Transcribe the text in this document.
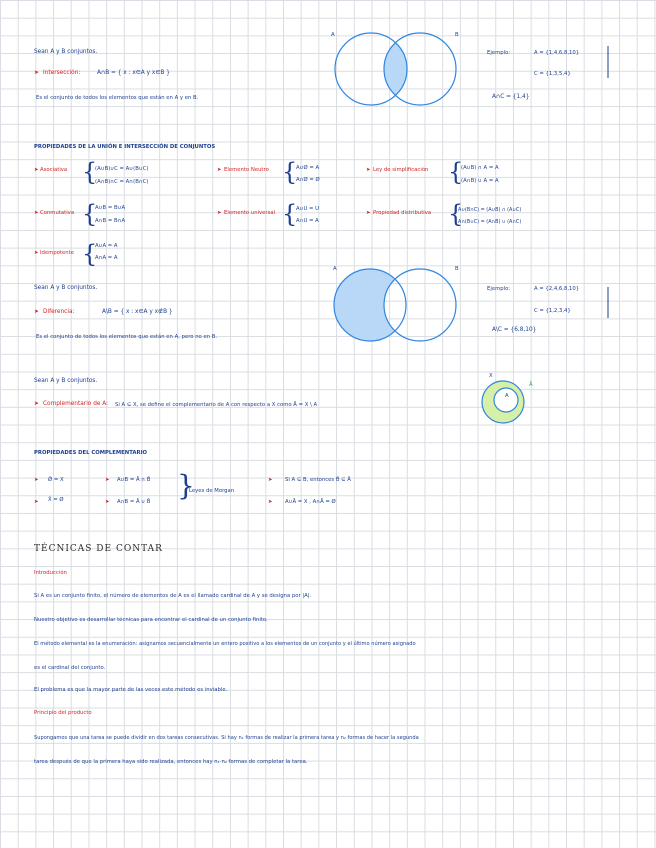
A	B
A	B
X
A
Ā
Sean A y B conjuntos.
➤ Intersección:	A∩B = { x : x∈A y x∈B }
Es el conjunto de todos los elementos que están en A y en B.
Ejemplo:	A = {1,4,6,8,10}
C = {1,3,5,4}
A∩C = {1,4}
PROPIEDADES DE LA UNIÓN E INTERSECCIÓN DE CONJUNTOS
➤ Asociativa {
(A∪B)∪C = A∪(B∪C)
(A∩B)∩C = A∩(B∩C)
➤ Elemento Neutro {
A∪Ø = A
A∩Ø = Ø
➤ Ley de simplificación {
(A∪B) ∩ A = A
(A∩B) ∪ A = A
➤ Conmutativa {
A∪B = B∪A
A∩B = B∩A
➤ Elemento universal {
A∪U = U
A∩U = A
➤ Propiedad distributiva {
A∪(B∩C) = (A∪B) ∩ (A∪C)
A∩(B∪C) = (A∩B) ∪ (A∩C)
➤ Idempotente {
A∪A = A
A∩A = A
Sean A y B conjuntos.
➤ Diferencia:	A\B = { x : x∈A y x∉B }
Es el conjunto de todos los elementos que están en A, pero no en B.
Ejemplo:	A = {2,4,6,8,10}
C = {1,2,3,4}
A\C = {6,8,10}
Sean A y B conjuntos.
➤ Complementario de A: Si A ⊆ X, se define el complementario de A con respecto a X como Ā = X \ A
PROPIEDADES DEL COMPLEMENTARIO
➤ Ø̄ = X
➤ X̄ = Ø
➤ A∪B = Ā ∩ B̄
➤ A∩B = Ā ∪ B̄ }
Leyes de Morgan
➤ Si A ⊆ B, entonces B̄ ⊆ Ā
➤ A∪Ā = X , A∩Ā = Ø
TÉCNICAS DE CONTAR
Introducción
Si A es un conjunto finito, el número de elementos de A es el llamado cardinal de A y se designa por |A|.
Nuestro objetivo es desarrollar técnicas para encontrar el cardinal de un conjunto finito.
El método elemental es la enumeración: asignamos secuencialmente un entero positivo a los elementos de un conjunto y el último número asignado
es el cardinal del conjunto.
El problema es que la mayor parte de las veces este método es inviable.
Principio del producto
Supongamos que una tarea se puede dividir en dos tareas consecutivas. Si hay n₁ formas de realizar la primera tarea y n₂ formas de hacer la segunda
tarea después de que la primera haya sido realizada, entonces hay n₁·n₂ formas de completar la tarea.
